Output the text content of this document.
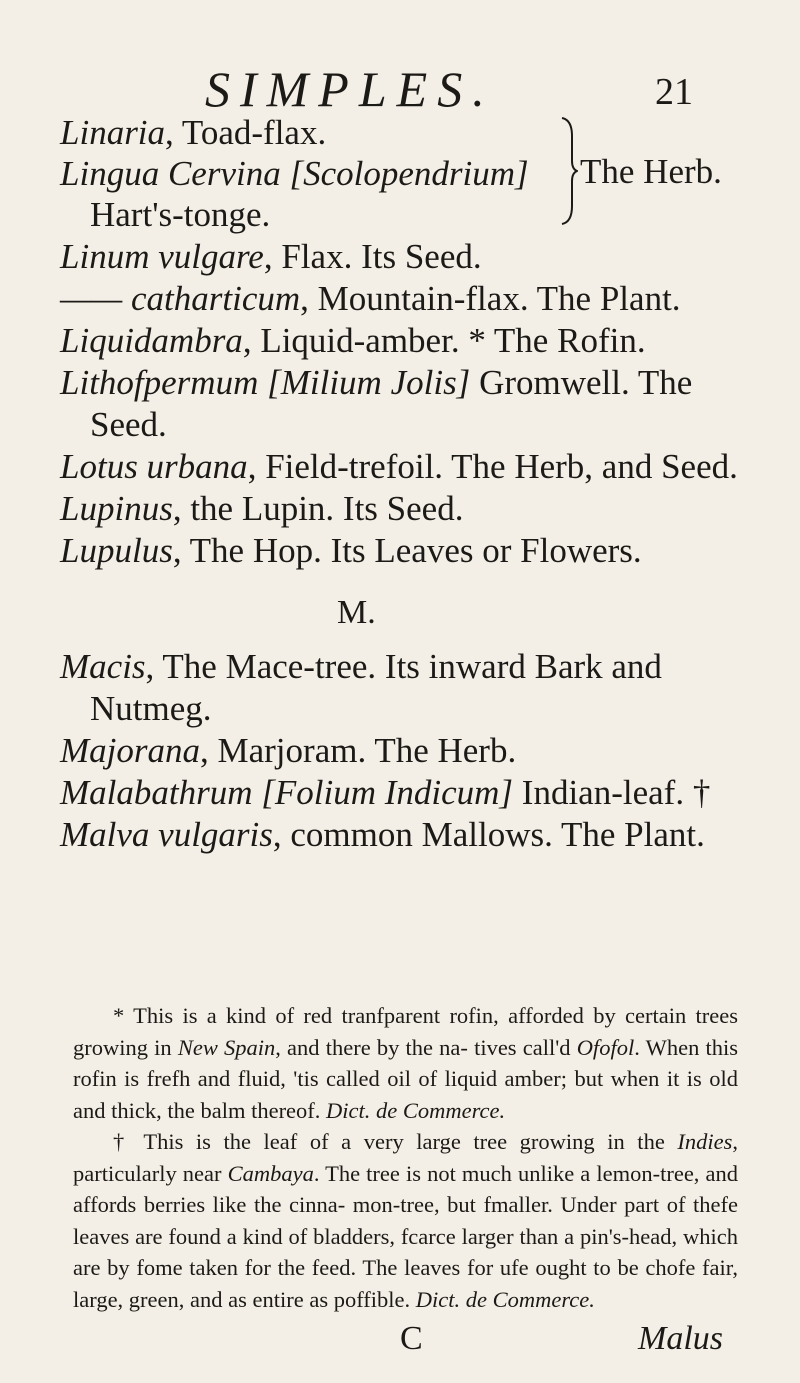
SIMPLES.	21
Linaria, Toad-flax.
Lingua Cervina [Scolopendrium]
Hart's-tonge.
The Herb.
Linum vulgare, Flax. Its Seed.
—— catharticum, Mountain-flax. The Plant.
Liquidambra, Liquid-amber. * The Rofin.
Lithofpermum [Milium Jolis] Gromwell. The Seed.
Lotus urbana, Field-trefoil. The Herb, and Seed.
Lupinus, the Lupin. Its Seed.
Lupulus, The Hop. Its Leaves or Flowers.
M.
Macis, The Mace-tree. Its inward Bark and Nutmeg.
Majorana, Marjoram. The Herb.
Malabathrum [Folium Indicum] Indian-leaf. †
Malva vulgaris, common Mallows. The Plant.

* This is a kind of red tranfparent rofin, afforded by certain trees growing in New Spain, and there by the na- tives call'd Ofofol. When this rofin is frefh and fluid, 'tis called oil of liquid amber; but when it is old and thick, the balm thereof. Dict. de Commerce.

† This is the leaf of a very large tree growing in the Indies, particularly near Cambaya. The tree is not much unlike a lemon-tree, and affords berries like the cinna- mon-tree, but fmaller. Under part of thefe leaves are found a kind of bladders, fcarce larger than a pin's-head, which are by fome taken for the feed. The leaves for ufe ought to be chofe fair, large, green, and as entire as poffible. Dict. de Commerce.

C	Malus
